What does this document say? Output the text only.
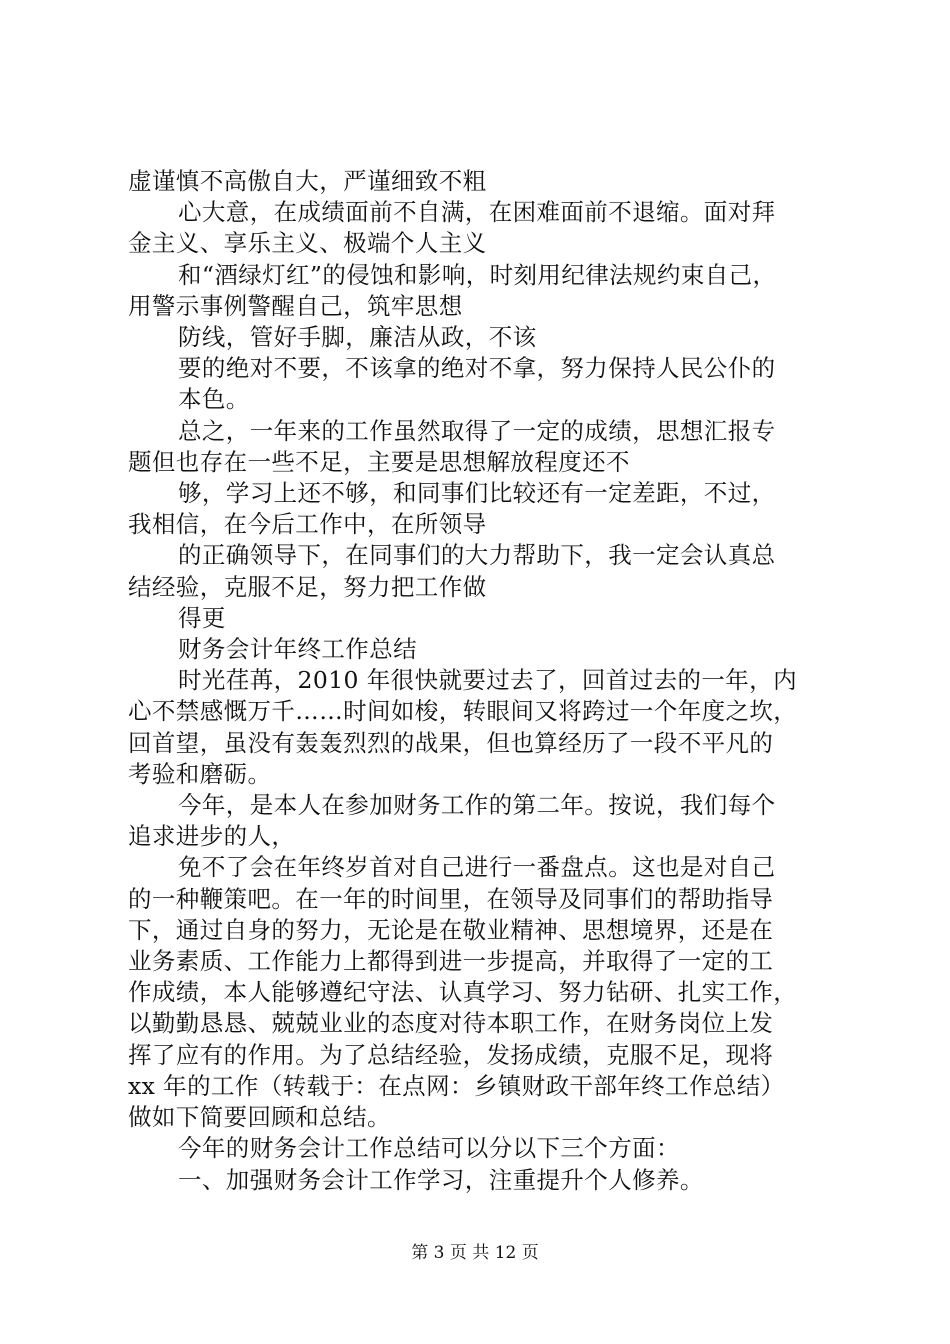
虚谨慎不高傲自大，严谨细致不粗
心大意，在成绩面前不自满，在困难面前不退缩。面对拜
金主义、享乐主义、极端个人主义
和“酒绿灯红”的侵蚀和影响，时刻用纪律法规约束自己，
用警示事例警醒自己，筑牢思想
防线，管好手脚，廉洁从政，不该
要的绝对不要，不该拿的绝对不拿，努力保持人民公仆的
本色。
总之，一年来的工作虽然取得了一定的成绩，思想汇报专
题但也存在一些不足，主要是思想解放程度还不
够，学习上还不够，和同事们比较还有一定差距，不过，
我相信，在今后工作中，在所领导
的正确领导下，在同事们的大力帮助下，我一定会认真总
结经验，克服不足，努力把工作做
得更
财务会计年终工作总结
时光荏苒，2010 年很快就要过去了，回首过去的一年，内
心不禁感慨万千……时间如梭，转眼间又将跨过一个年度之坎，
回首望，虽没有轰轰烈烈的战果，但也算经历了一段不平凡的
考验和磨砺。
今年，是本人在参加财务工作的第二年。按说，我们每个
追求进步的人，
免不了会在年终岁首对自己进行一番盘点。这也是对自己
的一种鞭策吧。在一年的时间里，在领导及同事们的帮助指导
下，通过自身的努力，无论是在敬业精神、思想境界，还是在
业务素质、工作能力上都得到进一步提高，并取得了一定的工
作成绩，本人能够遵纪守法、认真学习、努力钻研、扎实工作，
以勤勤恳恳、兢兢业业的态度对待本职工作，在财务岗位上发
挥了应有的作用。为了总结经验，发扬成绩，克服不足，现将
xx 年的工作（转载于：在点网：乡镇财政干部年终工作总结）
做如下简要回顾和总结。
今年的财务会计工作总结可以分以下三个方面：
一、加强财务会计工作学习，注重提升个人修养。
第 3 页 共 12 页
